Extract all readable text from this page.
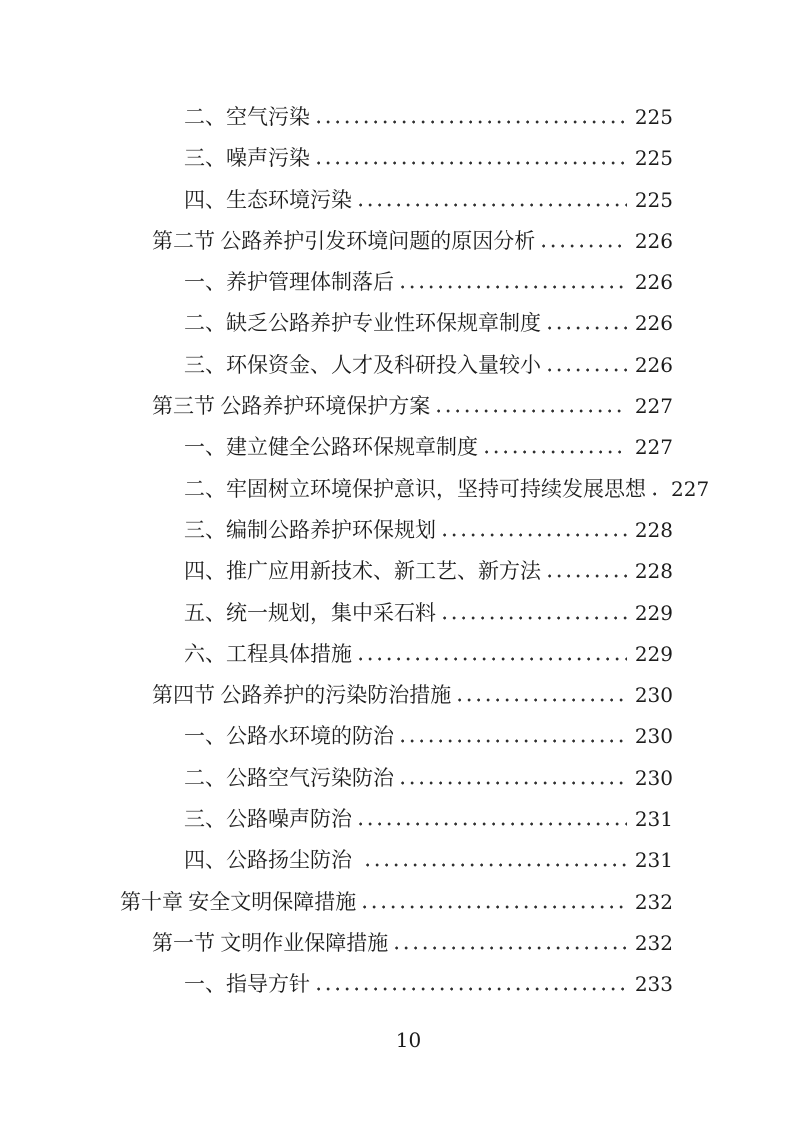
二、空气污染	225
三、噪声污染	225
四、生态环境污染	225
第二节 公路养护引发环境问题的原因分析	226
一、养护管理体制落后	226
二、缺乏公路养护专业性环保规章制度	226
三、环保资金、人才及科研投入量较小	226
第三节 公路养护环境保护方案	227
一、建立健全公路环保规章制度	227
二、牢固树立环境保护意识，坚持可持续发展思想 227
三、编制公路养护环保规划	228
四、推广应用新技术、新工艺、新方法	228
五、统一规划，集中采石料	229
六、工程具体措施	229
第四节 公路养护的污染防治措施	230
一、公路水环境的防治	230
二、公路空气污染防治	230
三、公路噪声防治	231
四、公路扬尘防治	231
第十章 安全文明保障措施	232
第一节 文明作业保障措施	232
一、指导方针	233
10
